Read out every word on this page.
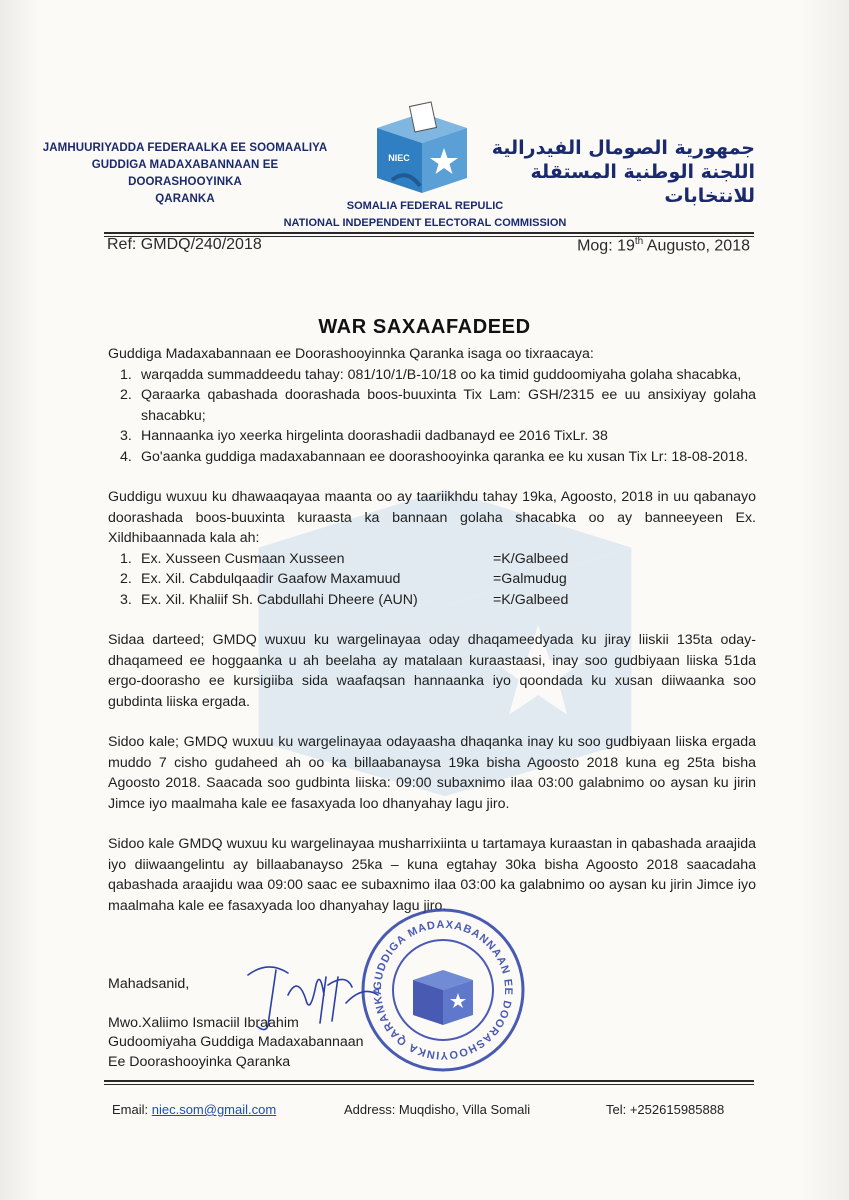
JAMHUURIYADDA FEDERAALKA EE SOOMAALIYA
GUDDIGA MADAXABANNAAN EE DOORASHOOYINKA
QARANKA
NIEC	جمهورية الصومال الفيدرالية
اللجنة الوطنية المستقلة للانتخابات
SOMALIA FEDERAL REPULIC
NATIONAL INDEPENDENT ELECTORAL COMMISSION
Ref: GMDQ/240/2018	Mog: 19th Augusto, 2018
WAR SAXAAFADEED
Guddiga Madaxabannaan ee Doorashooyinnka Qaranka isaga oo tixraacaya:
1. warqadda summaddeedu tahay: 081/10/1/B-10/18 oo ka timid guddoomiyaha golaha shacabka,
2. Qaraarka qabashada doorashada boos-buuxinta Tix Lam: GSH/2315 ee uu ansixiyay golaha shacabku;
3. Hannaanka iyo xeerka hirgelinta doorashadii dadbanayd ee 2016 TixLr. 38
4. Go'aanka guddiga madaxabannaan ee doorashooyinka qaranka ee ku xusan Tix Lr: 18-08-2018.

Guddigu wuxuu ku dhawaaqayaa maanta oo ay taariikhdu tahay 19ka, Agoosto, 2018 in uu qabanayo doorashada boos-buuxinta kuraasta ka bannaan golaha shacabka oo ay banneeyeen Ex. Xildhibaannada kala ah:

1. Ex. Xusseen Cusmaan Xusseen	=K/Galbeed
2. Ex. Xil. Cabdulqaadir Gaafow Maxamuud	=Galmudug
3. Ex. Xil. Khaliif Sh. Cabdullahi Dheere (AUN)	=K/Galbeed

Sidaa darteed; GMDQ wuxuu ku wargelinayaa oday dhaqameedyada ku jiray liiskii 135ta oday-dhaqameed ee hoggaanka u ah beelaha ay matalaan kuraastaasi, inay soo gudbiyaan liiska 51da ergo-doorasho ee kursigiiba sida waafaqsan hannaanka iyo qoondada ku xusan diiwaanka soo gubdinta liiska ergada.

Sidoo kale; GMDQ wuxuu ku wargelinayaa odayaasha dhaqanka inay ku soo gudbiyaan liiska ergada muddo 7 cisho gudaheed ah oo ka billaabanaysa 19ka bisha Agoosto 2018 kuna eg 25ta bisha Agoosto 2018. Saacada soo gudbinta liiska: 09:00 subaxnimo ilaa 03:00 galabnimo oo aysan ku jirin Jimce iyo maalmaha kale ee fasaxyada loo dhanyahay lagu jiro.

Sidoo kale GMDQ wuxuu ku wargelinayaa musharrixiinta u tartamaya kuraastan in qabashada araajida iyo diiwaangelintu ay billaabanayso 25ka – kuna egtahay 30ka bisha Agoosto 2018 saacadaha qabashada araajidu waa 09:00 saac ee subaxnimo ilaa 03:00 ka galabnimo oo aysan ku jirin Jimce iyo maalmaha kale ee fasaxyada loo dhanyahay lagu jiro.

GUDDIGA MADAXABANNAAN EE DOORASHOOYINKA QARANKA
Mahadsanid,
Mwo.Xaliimo Ismaciil Ibraahim
Gudoomiyaha Guddiga Madaxabannaan
Ee Doorashooyinka Qaranka
Email: niec.som@gmail.com	Address: Muqdisho, Villa Somali	Tel: +252615985888
